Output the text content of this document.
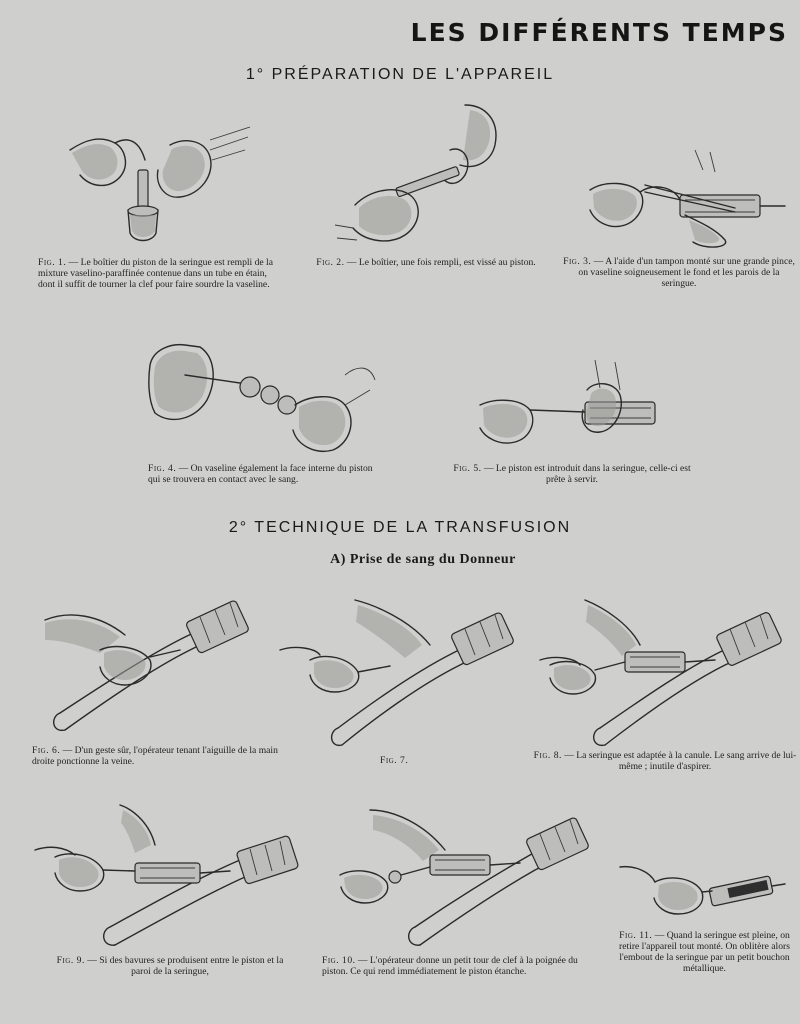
LES DIFFÉRENTS TEMPS
1° PRÉPARATION DE L'APPAREIL
Fig. 1. — Le boîtier du piston de la seringue est rempli de la mixture vaselino-paraffinée contenue dans un tube en étain, dont il suffit de tourner la clef pour faire sourdre la vaseline.
Fig. 2. — Le boîtier, une fois rempli, est vissé au piston.	Fig. 3. — A l'aide d'un tampon monté sur une grande pince, on vaseline soigneusement le fond et les parois de la seringue.
Fig. 4. — On vaseline également la face interne du piston qui se trouvera en contact avec le sang.
Fig. 5. — Le piston est introduit dans la seringue, celle-ci est prête à servir.
2° TECHNIQUE DE LA TRANSFUSION
A) Prise de sang du Donneur
Fig. 6. — D'un geste sûr, l'opérateur tenant l'aiguille de la main droite ponctionne la veine.	Fig. 7.	Fig. 8. — La seringue est adaptée à la canule. Le sang arrive de lui-même ; inutile d'aspirer.
Fig. 9. — Si des bavures se produisent entre le piston et la paroi de la seringue,
Fig. 10. — L'opérateur donne un petit tour de clef à la poignée du piston. Ce qui rend immédiatement le piston étanche.
Fig. 11. — Quand la seringue est pleine, on retire l'appareil tout monté. On oblitère alors l'embout de la seringue par un petit bouchon métallique.
